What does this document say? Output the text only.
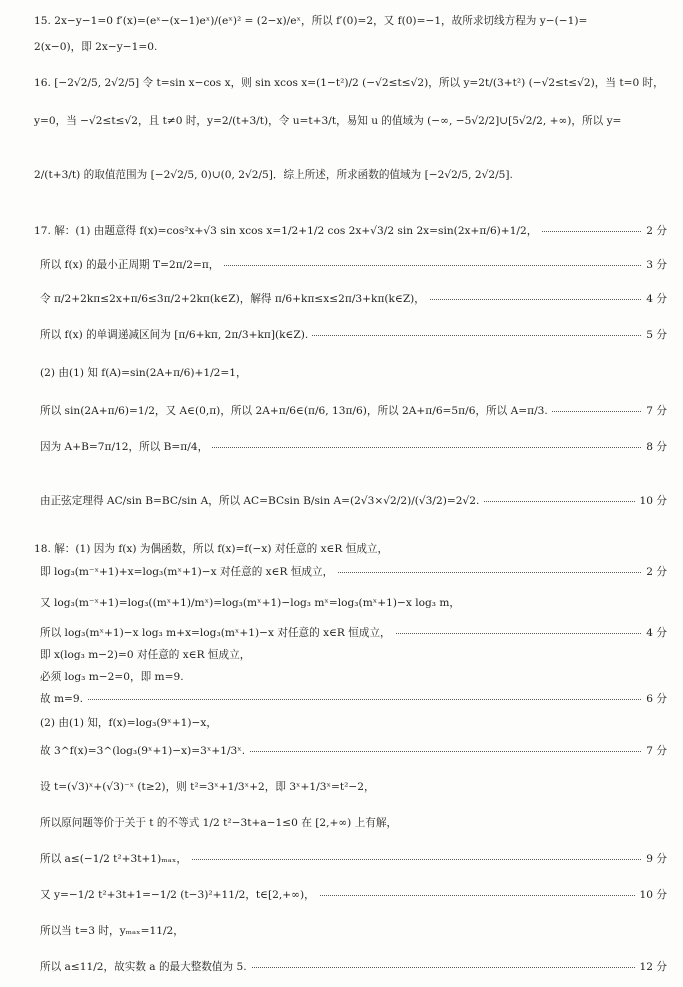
15. 2x−y−1=0 f′(x)=(eˣ−(x−1)eˣ)/(eˣ)² = (2−x)/eˣ，所以 f′(0)=2，又 f(0)=−1，故所求切线方程为 y−(−1)=
2(x−0)，即 2x−y−1=0.
16. [−2√2/5, 2√2/5] 令 t=sin x−cos x，则 sin xcos x=(1−t²)/2 (−√2≤t≤√2)，所以 y=2t/(3+t²) (−√2≤t≤√2)，当 t=0 时，
y=0，当 −√2≤t≤√2，且 t≠0 时，y=2/(t+3/t)，令 u=t+3/t，易知 u 的值域为 (−∞, −5√2/2]∪[5√2/2, +∞)，所以 y=
2/(t+3/t) 的取值范围为 [−2√2/5, 0)∪(0, 2√2/5]．综上所述，所求函数的值域为 [−2√2/5, 2√2/5].
17. 解：(1) 由题意得 f(x)=cos²x+√3 sin xcos x=1/2+1/2 cos 2x+√3/2 sin 2x=sin(2x+π/6)+1/2，	2 分
所以 f(x) 的最小正周期 T=2π/2=π，	3 分
令 π/2+2kπ≤2x+π/6≤3π/2+2kπ(k∈Z)，解得 π/6+kπ≤x≤2π/3+kπ(k∈Z)，	4 分
所以 f(x) 的单调递减区间为 [π/6+kπ, 2π/3+kπ](k∈Z).	5 分
(2) 由(1) 知 f(A)=sin(2A+π/6)+1/2=1，
所以 sin(2A+π/6)=1/2，又 A∈(0,π)，所以 2A+π/6∈(π/6, 13π/6)，所以 2A+π/6=5π/6，所以 A=π/3.	7 分
因为 A+B=7π/12，所以 B=π/4，	8 分
由正弦定理得 AC/sin B=BC/sin A，所以 AC=BCsin B/sin A=(2√3×√2/2)/(√3/2)=2√2.	10 分
18. 解：(1) 因为 f(x) 为偶函数，所以 f(x)=f(−x) 对任意的 x∈R 恒成立，
即 log₃(m⁻ˣ+1)+x=log₃(mˣ+1)−x 对任意的 x∈R 恒成立，	2 分
又 log₃(m⁻ˣ+1)=log₃((mˣ+1)/mˣ)=log₃(mˣ+1)−log₃ mˣ=log₃(mˣ+1)−x log₃ m，
所以 log₃(mˣ+1)−x log₃ m+x=log₃(mˣ+1)−x 对任意的 x∈R 恒成立，	4 分
即 x(log₃ m−2)=0 对任意的 x∈R 恒成立，
必须 log₃ m−2=0，即 m=9.
故 m=9.	6 分
(2) 由(1) 知，f(x)=log₃(9ˣ+1)−x，
故 3^f(x)=3^(log₃(9ˣ+1)−x)=3ˣ+1/3ˣ.	7 分
设 t=(√3)ˣ+(√3)⁻ˣ (t≥2)，则 t²=3ˣ+1/3ˣ+2，即 3ˣ+1/3ˣ=t²−2，
所以原问题等价于关于 t 的不等式 1/2 t²−3t+a−1≤0 在 [2,+∞) 上有解，
所以 a≤(−1/2 t²+3t+1)ₘₐₓ，	9 分
又 y=−1/2 t²+3t+1=−1/2 (t−3)²+11/2，t∈[2,+∞)，	10 分
所以当 t=3 时，yₘₐₓ=11/2，
所以 a≤11/2，故实数 a 的最大整数值为 5.	12 分
